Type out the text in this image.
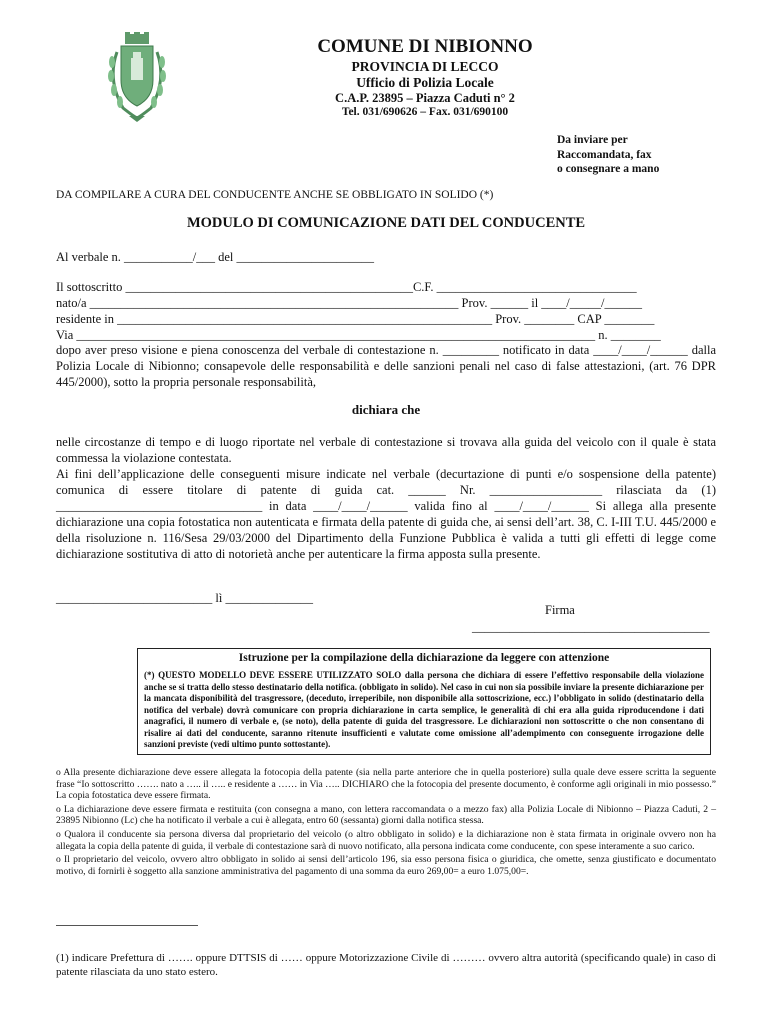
COMUNE DI NIBIONNO
PROVINCIA DI LECCO
Ufficio di Polizia Locale
C.A.P. 23895 – Piazza Caduti n° 2
Tel. 031/690626 – Fax. 031/690100
Da inviare per
Raccomandata, fax
o consegnare a mano
DA COMPILARE A CURA DEL CONDUCENTE ANCHE SE OBBLIGATO IN SOLIDO (*)
MODULO DI COMUNICAZIONE DATI DEL CONDUCENTE
Al verbale n. ___________/___ del ______________________
Il sottoscritto ______________________________________________C.F. ________________________________
nato/a ___________________________________________________________ Prov. ______ il ____/_____/______
residente in ____________________________________________________________ Prov. ________ CAP ________
Via ___________________________________________________________________________________ n. ________
dopo aver preso visione e piena conoscenza del verbale di contestazione n. _________ notificato in data ____/____/______ dalla Polizia Locale di Nibionno; consapevole delle responsabilità e delle sanzioni penali nel caso di false attestazioni, (art. 76 DPR 445/2000), sotto la propria personale responsabilità,
dichiara che
nelle circostanze di tempo e di luogo riportate nel verbale di contestazione si trovava alla guida del veicolo con il quale è stata commessa la violazione contestata.
Ai fini dell’applicazione delle conseguenti misure indicate nel verbale (decurtazione di punti e/o sospensione della patente) comunica di essere titolare di patente di guida cat. ______ Nr. __________________ rilasciata da (1) _________________________________ in data ____/____/______ valida fino al ____/____/______ Si allega alla presente dichiarazione una copia fotostatica non autenticata e firmata della patente di guida che, ai sensi dell’art. 38, C. I-III T.U. 445/2000 e della risoluzione n. 116/Sesa 29/03/2000 del Dipartimento della Funzione Pubblica è valida a tutti gli effetti di legge come dichiarazione sostitutiva di atto di notorietà anche per autenticare la firma apposta sulla presente.
_________________________ lì ______________
Firma
______________________________________
Istruzione per la compilazione della dichiarazione da leggere con attenzione
(*) QUESTO MODELLO DEVE ESSERE UTILIZZATO SOLO dalla persona che dichiara di essere l’effettivo responsabile della violazione anche se si tratta dello stesso destinatario della notifica. (obbligato in solido). Nel caso in cui non sia possibile inviare la presente dichiarazione per la mancata disponibilità del trasgressore, (deceduto, irreperibile, non disponibile alla sottoscrizione, ecc.) l’obbligato in solido (destinatario della notifica del verbale) dovrà comunicare con propria dichiarazione in carta semplice, le generalità di chi era alla guida riproducendone i dati anagrafici, il numero di verbale e, (se noto), della patente di guida del trasgressore. Le dichiarazioni non sottoscritte o che non consentano di risalire ai dati del conducente, saranno ritenute insufficienti e valutate come omissione all’adempimento con conseguente irrogazione delle sanzioni previste (vedi ultimo punto sottostante).

o Alla presente dichiarazione deve essere allegata la fotocopia della patente (sia nella parte anteriore che in quella posteriore) sulla quale deve essere scritta la seguente frase “Io sottoscritto ……. nato a ….. il ….. e residente a …… in Via ….. DICHIARO che la fotocopia del presente documento, è conforme agli originali in mio possesso.” La copia fotostatica deve essere firmata.

o La dichiarazione deve essere firmata e restituita (con consegna a mano, con lettera raccomandata o a mezzo fax) alla Polizia Locale di Nibionno – Piazza Caduti, 2 – 23895 Nibionno (Lc) che ha notificato il verbale a cui è allegata, entro 60 (sessanta) giorni dalla notifica stessa.

o Qualora il conducente sia persona diversa dal proprietario del veicolo (o altro obbligato in solido) e la dichiarazione non è stata firmata in originale ovvero non ha allegata la copia della patente di guida, il verbale di contestazione sarà di nuovo notificato, alla persona indicata come conducente, con spese interamente a suo carico.

o Il proprietario del veicolo, ovvero altro obbligato in solido ai sensi dell’articolo 196, sia esso persona fisica o giuridica, che omette, senza giustificato e documentato motivo, di fornirli è soggetto alla sanzione amministrativa del pagamento di una somma da euro 269,00= a euro 1.075,00=.

(1) indicare Prefettura di ……. oppure DTTSIS di …… oppure Motorizzazione Civile di ……… ovvero altra autorità (specificando quale) in caso di patente rilasciata da uno stato estero.
